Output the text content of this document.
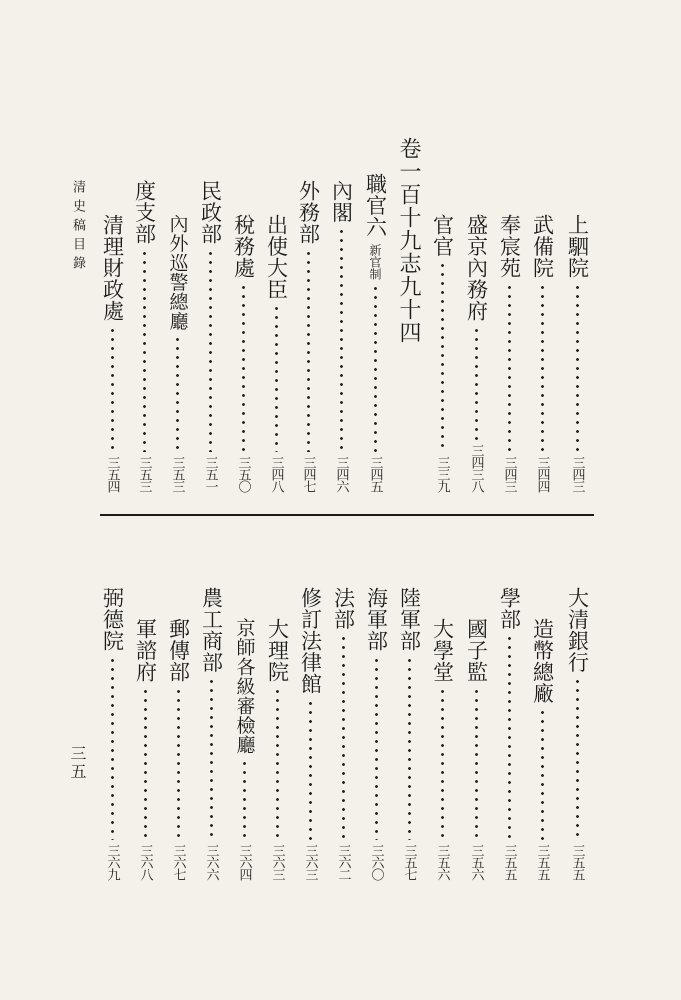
清史稿目錄
三五
上駟院
三四三
武備院
三四四
奉宸苑
三四三
盛京內務府
三四三八
官官
三三九
卷一百十九
志九十四
職官六
新官制
三四五
內閣
三四六
外務部
三四七
出使大臣
三四八
稅務處
三五〇
民政部
三五一
內外巡警總廳
三五三
度支部
三五三
清理財政處
三五四
大清銀行
三五五
造幣總廠
三五五
學部
三五五
國子監
三五六
大學堂
三五六
陸軍部
三五七
海軍部
三六〇
法部
三六二
修訂法律館
三六三
大理院
三六三
京師各級審檢廳
三六四
農工商部
三六六
郵傳部
三六七
軍諮府
三六八
弼德院
三六九
